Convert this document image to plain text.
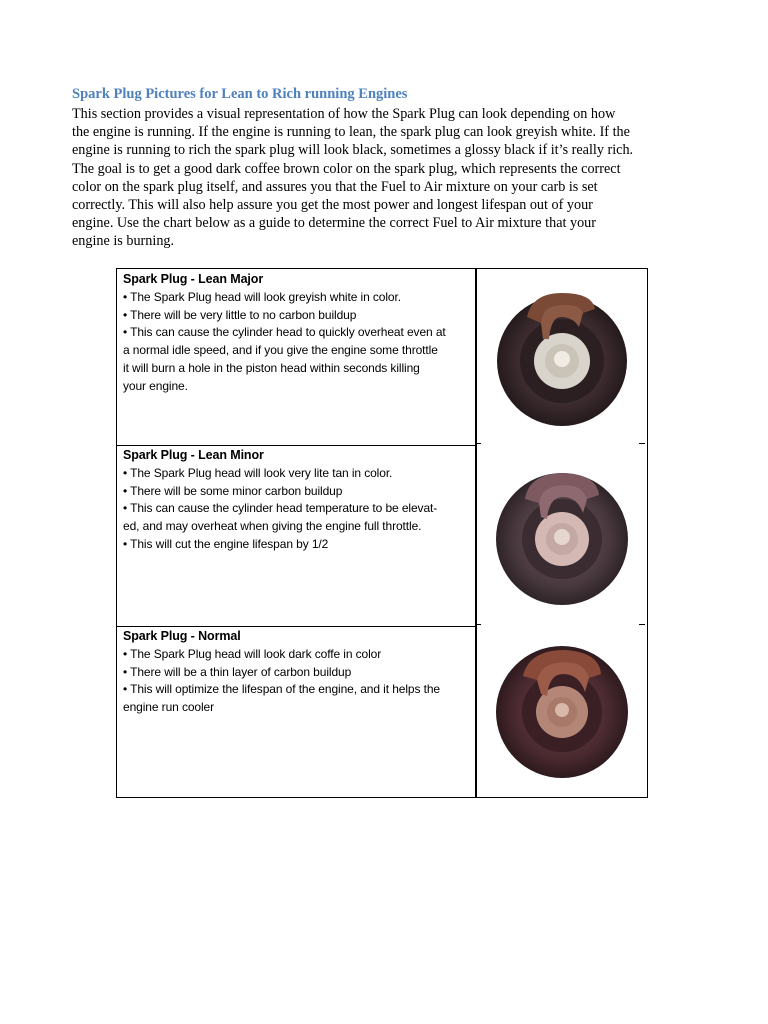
Spark Plug Pictures for Lean to Rich running Engines

This section provides a visual representation of how the Spark Plug can look depending on how
the engine is running. If the engine is running to lean, the spark plug can look greyish white. If the
engine is running to rich the spark plug will look black, sometimes a glossy black if it’s really rich.
The goal is to get a good dark coffee brown color on the spark plug, which represents the correct
color on the spark plug itself, and assures you that the Fuel to Air mixture on your carb is set
correctly. This will also help assure you get the most power and longest lifespan out of your
engine. Use the chart below as a guide to determine the correct Fuel to Air mixture that your
engine is burning.

Spark Plug - Lean Major
• The Spark Plug head will look greyish white in color.
• There will be very little to no carbon buildup
• This can cause the cylinder head to quickly overheat even at
a normal idle speed, and if you give the engine some throttle
it will burn a hole in the piston head within seconds killing
your engine.
Spark Plug - Lean Minor
• The Spark Plug head will look very lite tan in color.
• There will be some minor carbon buildup
• This can cause the cylinder head temperature to be elevat-
ed, and may overheat when giving the engine full throttle.
• This will cut the engine lifespan by 1/2
Spark Plug - Normal
• The Spark Plug head will look dark coffe in color
• There will be a thin layer of carbon buildup
• This will optimize the lifespan of the engine, and it helps the
engine run cooler
